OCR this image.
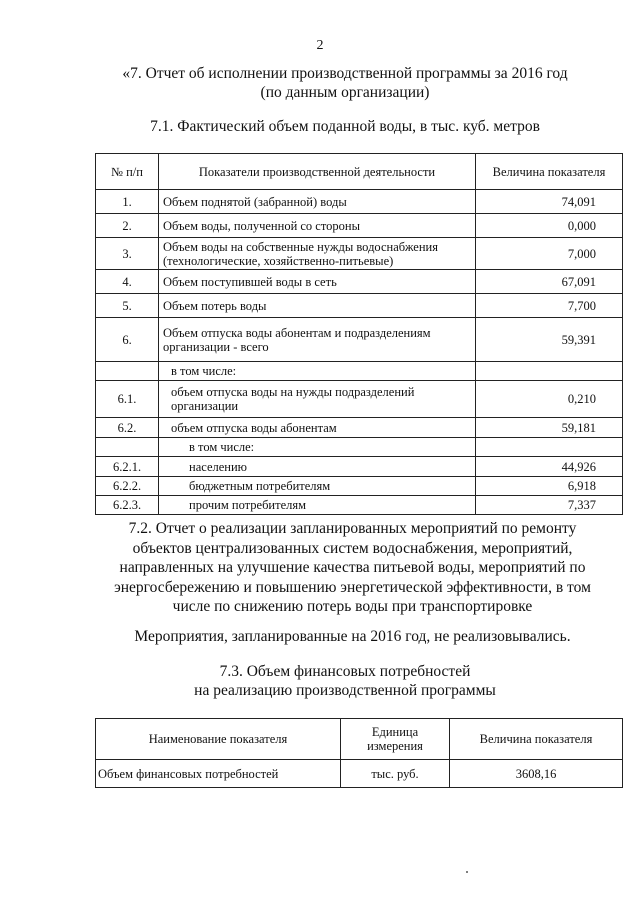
2
«7. Отчет об исполнении производственной программы за 2016 год
(по данным организации)
7.1. Фактический объем поданной воды, в тыс. куб. метров
№ п/п	Показатели производственной деятельности	Величина показателя
1.	Объем поднятой (забранной) воды	74,091
2.	Объем воды, полученной со стороны	0,000
3.	Объем воды на собственные нужды водоснабжения (технологические, хозяйственно-питьевые)	7,000
4.	Объем поступившей воды в сеть	67,091
5.	Объем потерь воды	7,700
6.	Объем отпуска воды абонентам и подразделениям организации - всего	59,391
	в том числе:	
6.1.	объем отпуска воды на нужды подразделений организации	0,210
6.2.	объем отпуска воды абонентам	59,181
	в том числе:	
6.2.1.	населению	44,926
6.2.2.	бюджетным потребителям	6,918
6.2.3.	прочим потребителям	7,337
7.2. Отчет о реализации запланированных мероприятий по ремонту
объектов централизованных систем водоснабжения, мероприятий,
направленных на улучшение качества питьевой воды, мероприятий по
энергосбережению и повышению энергетической эффективности, в том
числе по снижению потерь воды при транспортировке
Мероприятия, запланированные на 2016 год, не реализовывались.
7.3. Объем финансовых потребностей
на реализацию производственной программы
Наименование показателя	Единица измерения	Величина показателя
Объем финансовых потребностей	тыс. руб.	3608,16
